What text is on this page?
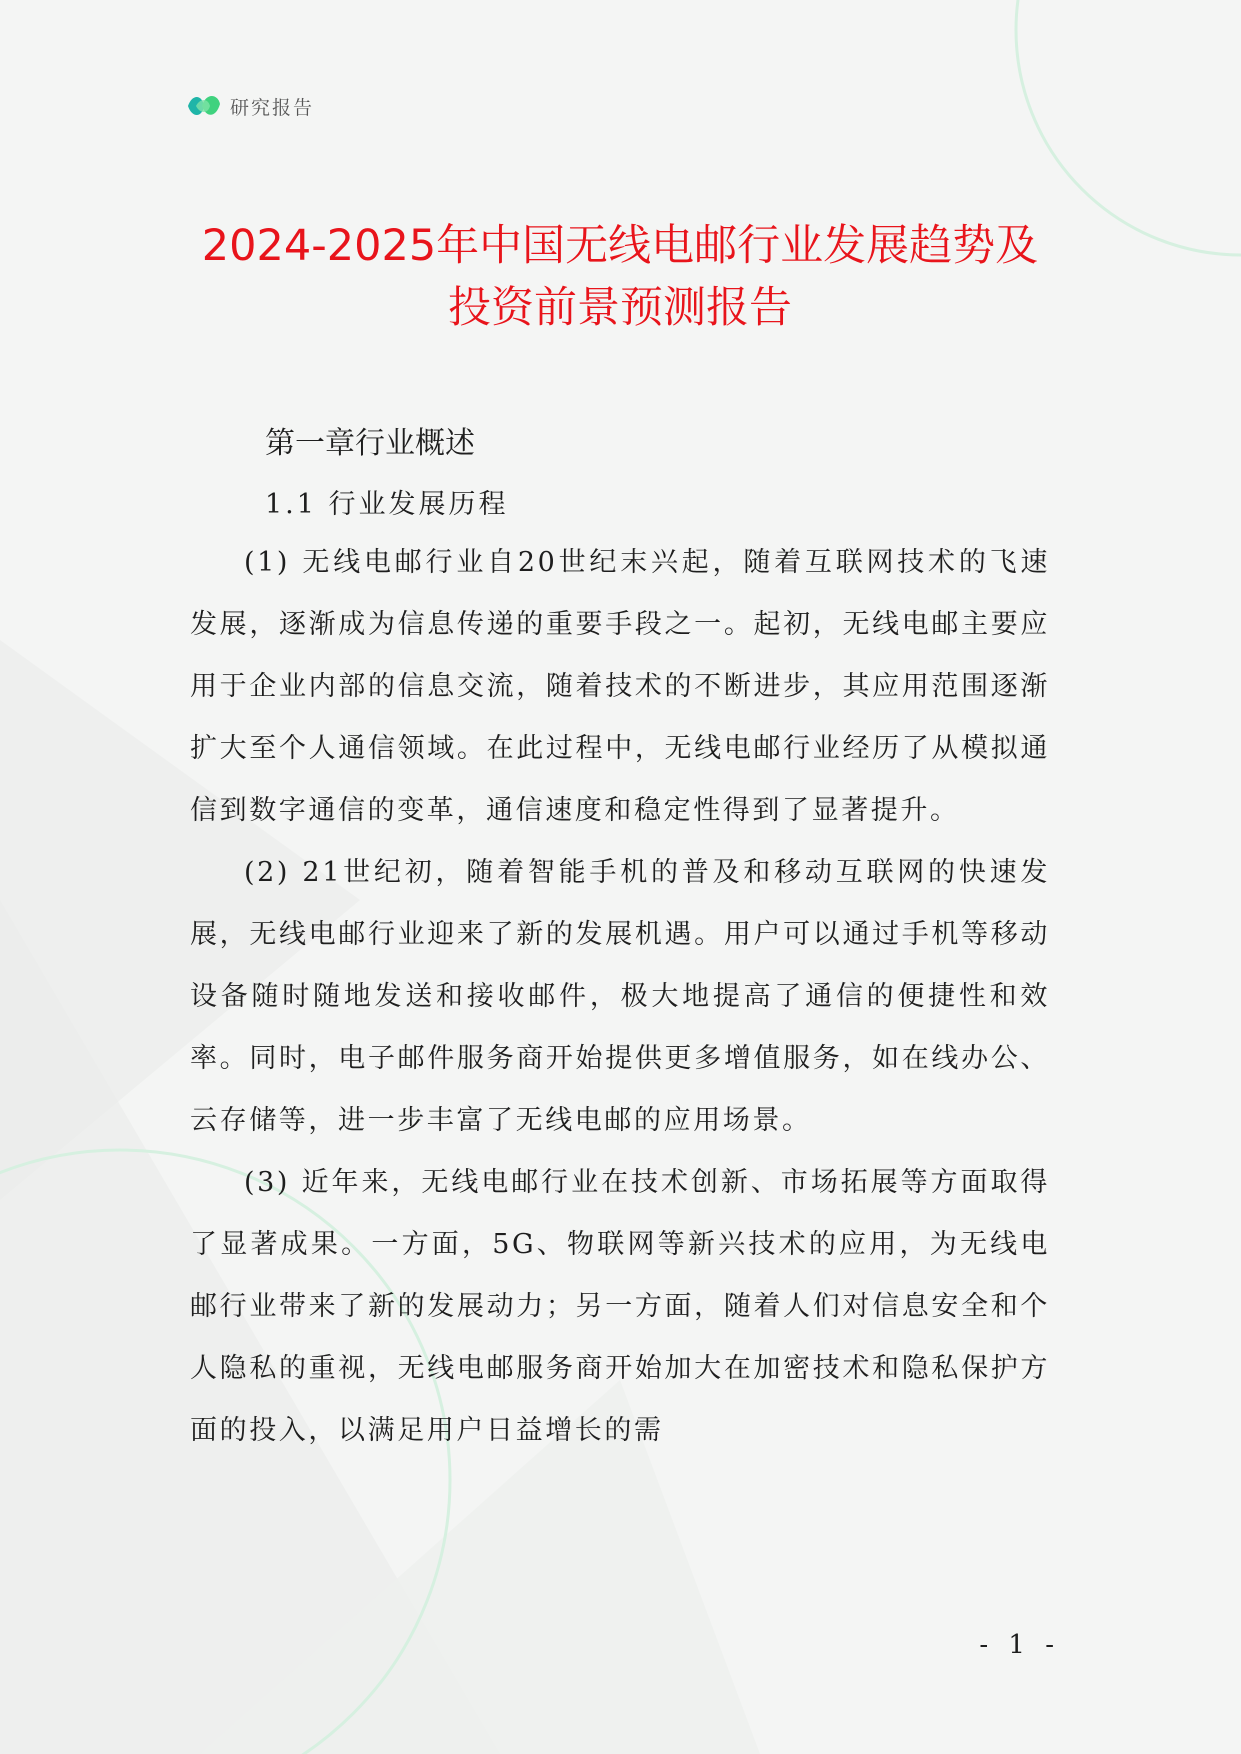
研究报告
2024-2025年中国无线电邮行业发展趋势及
投资前景预测报告
第一章行业概述
1.1 行业发展历程

(1) 无线电邮行业自20世纪末兴起，随着互联网技术的飞速发展，逐渐成为信息传递的重要手段之一。起初，无线电邮主要应用于企业内部的信息交流，随着技术的不断进步，其应用范围逐渐扩大至个人通信领域。在此过程中，无线电邮行业经历了从模拟通信到数字通信的变革，通信速度和稳定性得到了显著提升。

(2) 21世纪初，随着智能手机的普及和移动互联网的快速发展，无线电邮行业迎来了新的发展机遇。用户可以通过手机等移动设备随时随地发送和接收邮件，极大地提高了通信的便捷性和效率。同时，电子邮件服务商开始提供更多增值服务，如在线办公、云存储等，进一步丰富了无线电邮的应用场景。

(3) 近年来，无线电邮行业在技术创新、市场拓展等方面取得了显著成果。一方面，5G、物联网等新兴技术的应用，为无线电邮行业带来了新的发展动力；另一方面，随着人们对信息安全和个人隐私的重视，无线电邮服务商开始加大在加密技术和隐私保护方面的投入，以满足用户日益增长的需

- 1 -
